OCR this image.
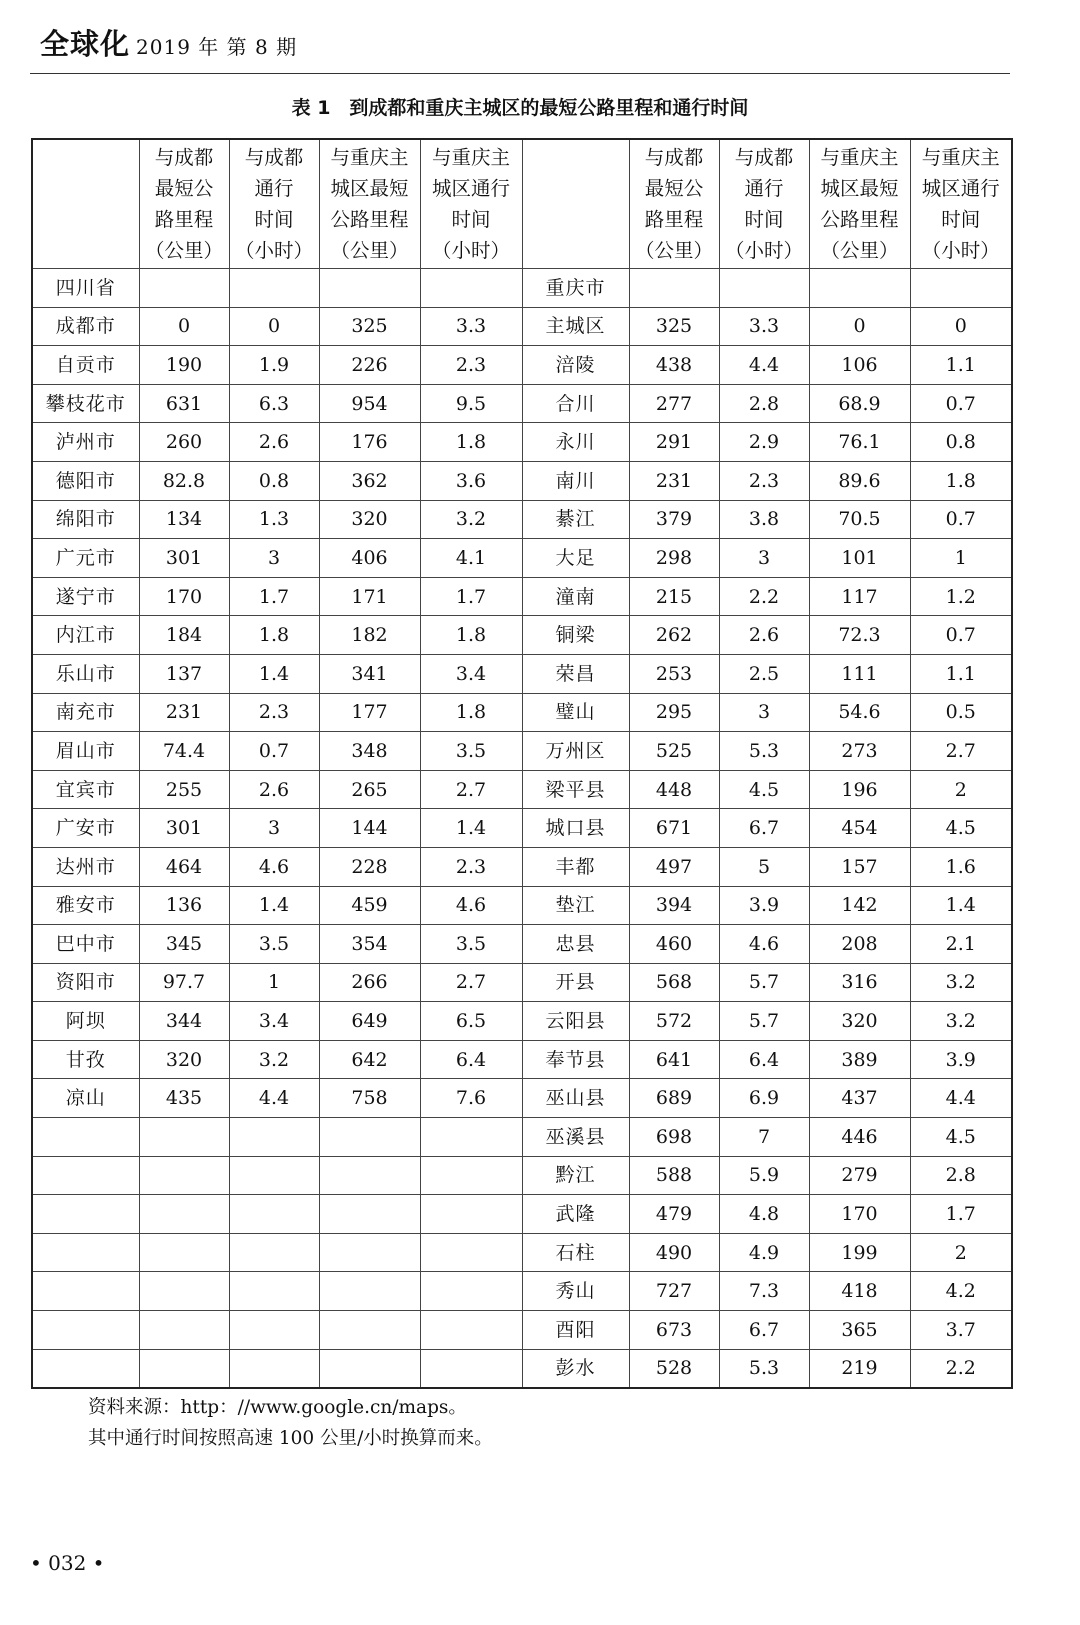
全球化 2019 年 第 8 期
表 1　到成都和重庆主城区的最短公路里程和通行时间

	与成都
最短公
路里程
（公里）	与成都
通行
时间
（小时）	与重庆主
城区最短
公路里程
（公里）	与重庆主
城区通行
时间
（小时）		与成都
最短公
路里程
（公里）	与成都
通行
时间
（小时）	与重庆主
城区最短
公路里程
（公里）	与重庆主
城区通行
时间
（小时）

四川省					重庆市				
成都市	0	0	325	3.3	主城区	325	3.3	0	0
自贡市	190	1.9	226	2.3	涪陵	438	4.4	106	1.1
攀枝花市	631	6.3	954	9.5	合川	277	2.8	68.9	0.7
泸州市	260	2.6	176	1.8	永川	291	2.9	76.1	0.8
德阳市	82.8	0.8	362	3.6	南川	231	2.3	89.6	1.8
绵阳市	134	1.3	320	3.2	綦江	379	3.8	70.5	0.7
广元市	301	3	406	4.1	大足	298	3	101	1
遂宁市	170	1.7	171	1.7	潼南	215	2.2	117	1.2
内江市	184	1.8	182	1.8	铜梁	262	2.6	72.3	0.7
乐山市	137	1.4	341	3.4	荣昌	253	2.5	111	1.1
南充市	231	2.3	177	1.8	璧山	295	3	54.6	0.5
眉山市	74.4	0.7	348	3.5	万州区	525	5.3	273	2.7
宜宾市	255	2.6	265	2.7	梁平县	448	4.5	196	2
广安市	301	3	144	1.4	城口县	671	6.7	454	4.5
达州市	464	4.6	228	2.3	丰都	497	5	157	1.6
雅安市	136	1.4	459	4.6	垫江	394	3.9	142	1.4
巴中市	345	3.5	354	3.5	忠县	460	4.6	208	2.1
资阳市	97.7	1	266	2.7	开县	568	5.7	316	3.2
阿坝	344	3.4	649	6.5	云阳县	572	5.7	320	3.2
甘孜	320	3.2	642	6.4	奉节县	641	6.4	389	3.9
凉山	435	4.4	758	7.6	巫山县	689	6.9	437	4.4
					巫溪县	698	7	446	4.5
					黔江	588	5.9	279	2.8
					武隆	479	4.8	170	1.7
					石柱	490	4.9	199	2
					秀山	727	7.3	418	4.2
					酉阳	673	6.7	365	3.7
					彭水	528	5.3	219	2.2
资料来源：http：//www.google.cn/maps。
其中通行时间按照高速 100 公里/小时换算而来。
• 032 •
